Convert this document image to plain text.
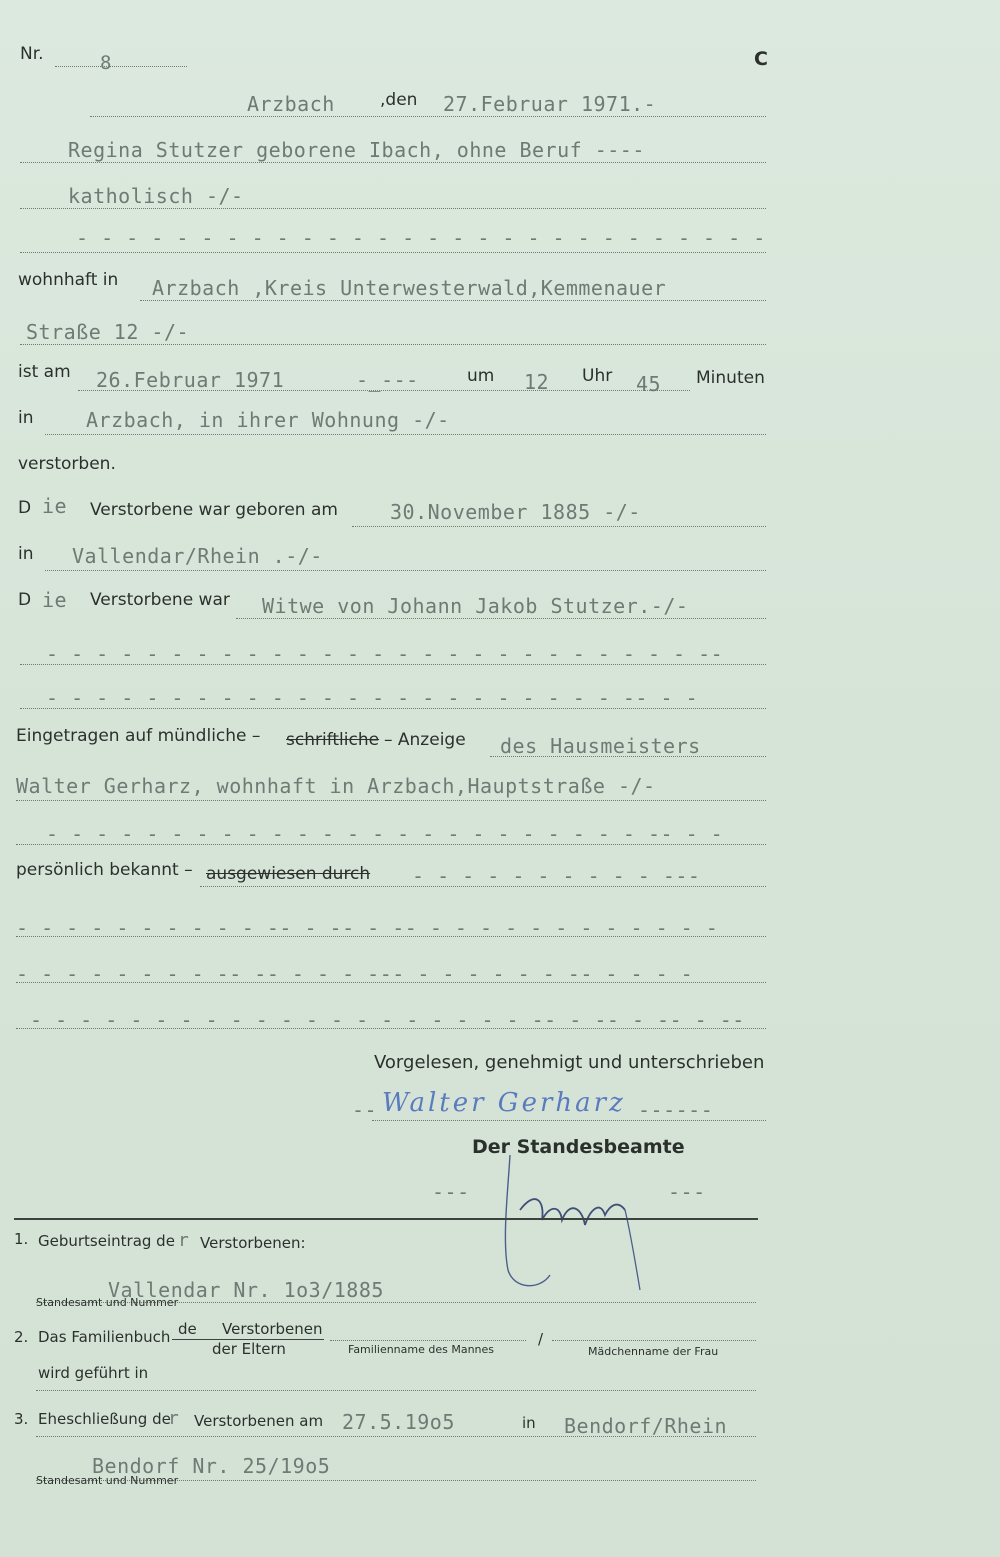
Nr.	8	C
Arzbach	,den 27.Februar 1971.-
Regina Stutzer geborene Ibach, ohne Beruf ----
katholisch -/-
- - - - - - - - - - - - - - - - - - - - - - - - - - - -
wohnhaft in Arzbach ,Kreis Unterwesterwald,Kemmenauer
Straße 12 -/-
ist am 26.Februar 1971	-_---	um 12 Uhr 45 Minuten
in	Arzbach, in ihrer Wohnung -/-
verstorben.
D ie Verstorbene war geboren am	30.November 1885 -/-
in Vallendar/Rhein .-/-
D ie Verstorbene war Witwe von Johann Jakob Stutzer.-/-
- - - - - - - - - - - - - - - - - - - - - - - - - - --
- - - - - - - - - - - - - - - - - - - - - - - -- - -
Eingetragen auf mündliche – schriftliche – Anzeige des Hausmeisters
Walter Gerharz, wohnhaft in Arzbach,Hauptstraße -/-
- - - - - - - - - - - - - - - - - - - - - - - - -- - -
persönlich bekannt – ausgewiesen durch - - - - - - - - - - ---
- - - - - - - - - - -- - -- - -- - - - - - - - - - - - -
- - - - - - - - -- -- - - - --- - - - - - - -- - - - -
- - - - - - - - - - - - - - - - - - - - -- - -- - -- - --
Vorgelesen, genehmigt und unterschrieben
-- Walter Gerharz ------
Der Standesbeamte
---	---
1. Geburtseintrag de r Verstorbenen:
Vallendar Nr. 1o3/1885
Standesamt und Nummer
2. Das Familienbuch de Verstorbenen
der Eltern	Familienname des Mannes
/
Mädchenname der Frau
wird geführt in
3. Eheschließung de
r Verstorbenen am 27.5.19o5	in Bendorf/Rhein
Bendorf Nr. 25/19o5
Standesamt und Nummer
